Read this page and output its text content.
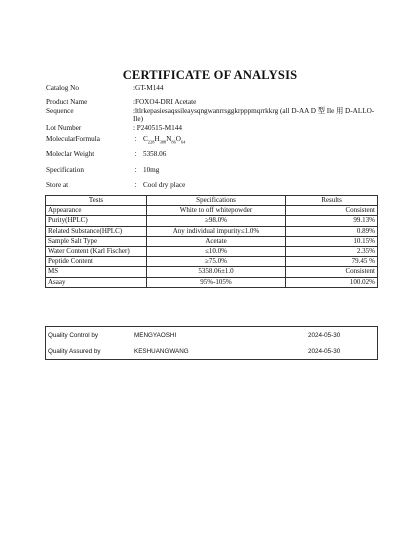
CERTIFICATE OF ANALYSIS
Catalog No	:GT-M144
Product Name	:FOXO4-DRI Acetate
Sequence	:ltlrkepasiesaqssileaysqngwanrrsggkrpppmqrrkkrg (all D-AA D 型 Ile 用 D-ALLO-Ile)
Lot Number	: P240515-M144
MolecularFormula	： $C_{228}H_{388}N_{86}O_{64}$
Moleclar Weight	： 5358.06
Specification	： 10mg
Store at	： Cool dry place
Tests	Specifications	Results
Appearance	White to off whitepowder	Consistent
Purity(HPLC)	≥98.0%	99.13%
Related Substance(HPLC)	Any individual impurity≤1.0%	0.89%
Sample Salt Type	Acetate	10.15%
Water Content (Karl Fischer)	≤10.0%	2.35%
Peptide Content	≥75.0%	79.45 %
MS	5358.06±1.0	Consistent
Asaay	95%-105%	100.02%
Quality Control by	MENGYAOSHI	2024-05-30
Quality Assured by	KESHUANGWANG	2024-05-30
